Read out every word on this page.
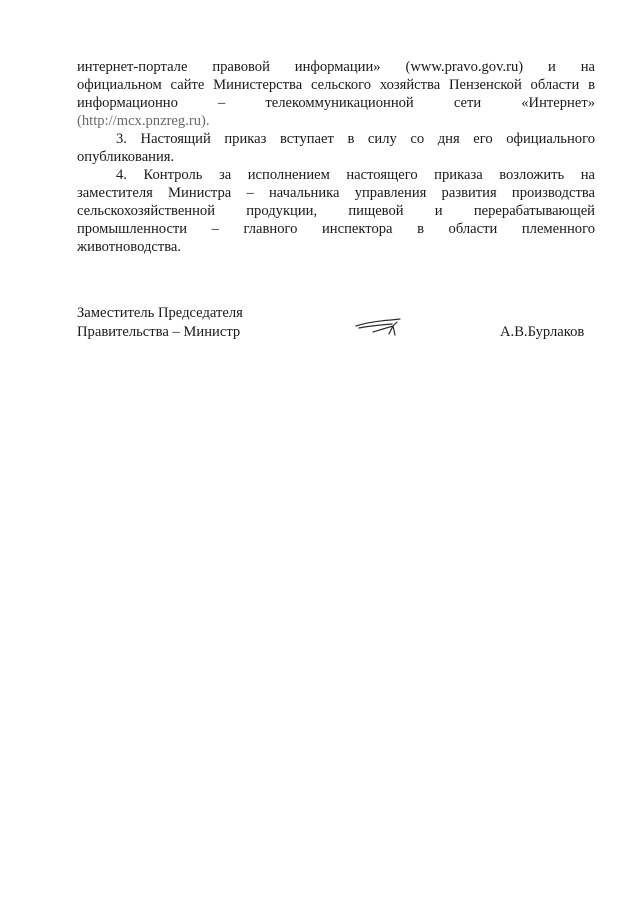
интернет-портале правовой информации» (www.pravo.gov.ru) и на
официальном сайте Министерства сельского хозяйства Пензенской области в
информационно – телекоммуникационной сети «Интернет»
(http://mcx.pnzreg.ru).
3. Настоящий приказ вступает в силу со дня его официального
опубликования.
4. Контроль за исполнением настоящего приказа возложить на
заместителя Министра – начальника управления развития производства
сельскохозяйственной продукции, пищевой и перерабатывающей
промышленности – главного инспектора в области племенного
животноводства.
Заместитель Председателя
Правительства – Министр	А.В.Бурлаков
